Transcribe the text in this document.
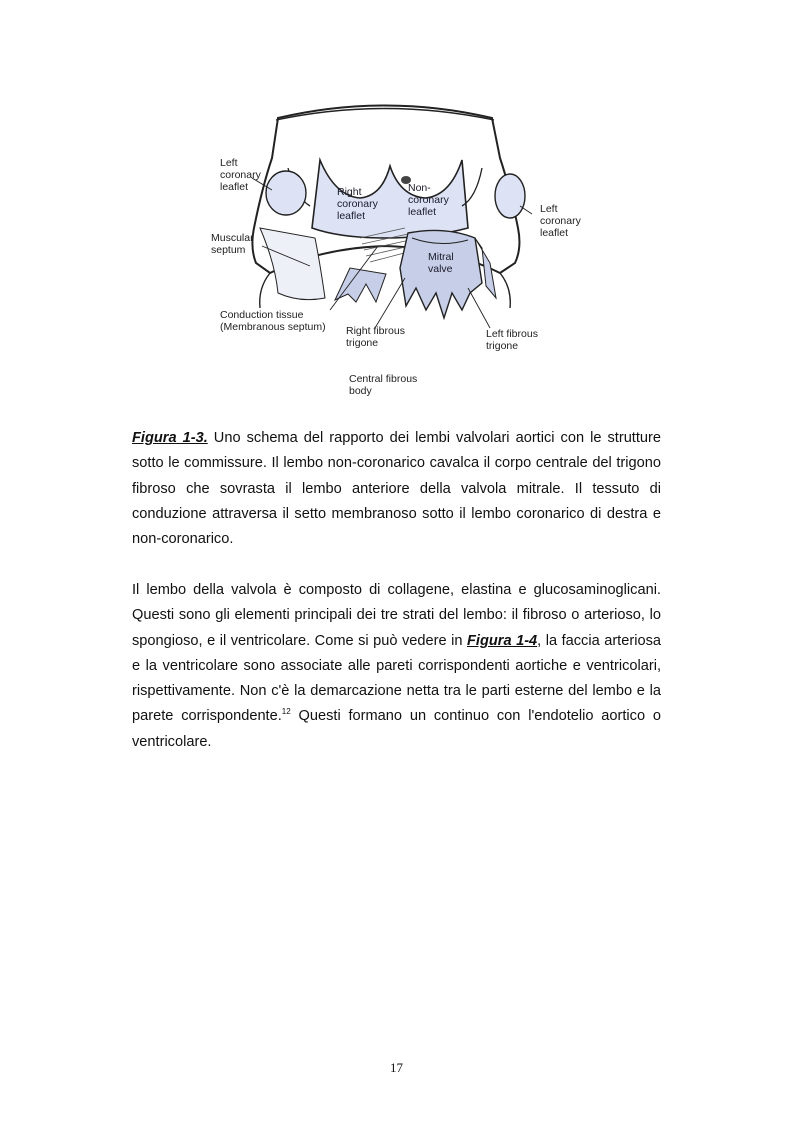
Left coronary leaflet	Right coronary leaflet
Non- coronary leaflet	Left coronary leaflet
Muscular septum
Mitral valve
Conduction tissue (Membranous septum) Right fibrous trigone
Left fibrous trigone
Central fibrous body

Figura 1-3. Uno schema del rapporto dei lembi valvolari aortici con le strutture sotto le commissure. Il lembo non-coronarico cavalca il corpo centrale del trigono fibroso che sovrasta il lembo anteriore della valvola mitrale. Il tessuto di conduzione attraversa il setto membranoso sotto il lembo coronarico di destra e non-coronarico.

Il lembo della valvola è composto di collagene, elastina e glucosaminoglicani. Questi sono gli elementi principali dei tre strati del lembo: il fibroso o arterioso, lo spongioso, e il ventricolare. Come si può vedere in Figura 1-4, la faccia arteriosa e la ventricolare sono associate alle pareti corrispondenti aortiche e ventricolari, rispettivamente. Non c'è la demarcazione netta tra le parti esterne del lembo e la parete corrispondente.$^{12}$ Questi formano un continuo con l'endotelio aortico o ventricolare.

17
